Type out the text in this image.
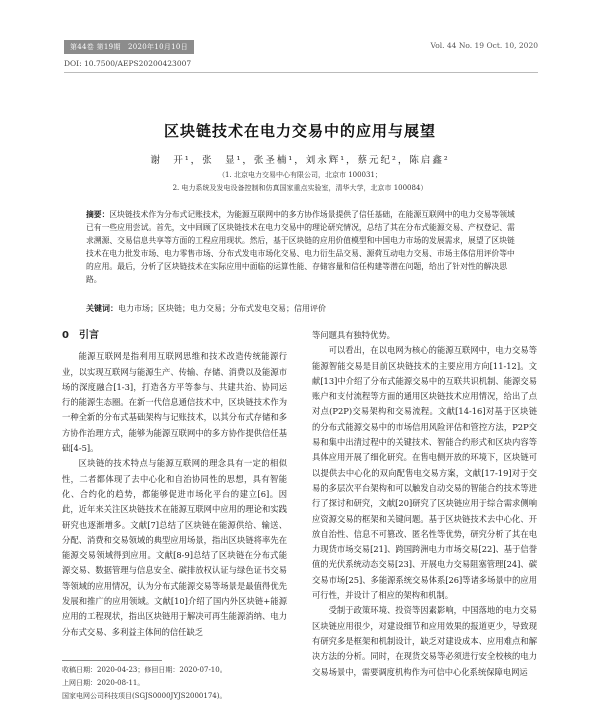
第44卷 第19期　2020年10月10日	Vol. 44 No. 19 Oct. 10, 2020
DOI: 10.7500/AEPS20200423007
区块链技术在电力交易中的应用与展望
谢　开¹，张　显¹，张圣楠¹，刘永辉¹，蔡元纪²，陈启鑫²
（1. 北京电力交易中心有限公司，北京市 100031；
2. 电力系统及发电设备控制和仿真国家重点实验室，清华大学，北京市 100084）
摘要：区块链技术作为分布式记账技术，为能源互联网中的多方协作场景提供了信任基础，在能源互联网中的电力交易等领域已有一些应用尝试。首先，文中回顾了区块链技术在电力交易中的理论研究情况，总结了其在分布式能源交易、产权登记、需求溯源、交易信息共享等方面的工程应用现状。然后，基于区块链的应用价值模型和中国电力市场的发展需求，展望了区块链技术在电力批发市场、电力零售市场、分布式发电市场化交易、电力衍生品交易、源荷互动电力交易、市场主体信用评价等中的应用。最后，分析了区块链技术在实际应用中面临的运算性能、存储容量和信任构建等潜在问题，给出了针对性的解决思路。
关键词：电力市场；区块链；电力交易；分布式发电交易；信用评价
0　引言

能源互联网是指利用互联网思维和技术改造传统能源行业，以实现互联网与能源生产、传输、存储、消费以及能源市场的深度融合[1-3]，打造各方平等参与、共建共治、协同运行的能源生态圈。在新一代信息通信技术中，区块链技术作为一种全新的分布式基础架构与记账技术，以其分布式存储和多方协作治理方式，能够为能源互联网中的多方协作提供信任基础[4-5]。

区块链的技术特点与能源互联网的理念具有一定的相似性，二者都体现了去中心化和自治协同性的思想，具有智能化、合约化的趋势，都能够促进市场化平台的建立[6]。因此，近年来关注区块链技术在能源互联网中应用的理论和实践研究也逐渐增多。文献[7]总结了区块链在能源供给、输送、分配、消费和交易领域的典型应用场景，指出区块链将率先在能源交易领域得到应用。文献[8-9]总结了区块链在分布式能源交易、数据管理与信息安全、碳排放权认证与绿色证书交易等领域的应用情况，认为分布式能源交易等场景是最值得优先发展和推广的应用领域。文献[10]介绍了国内外区块链+能源应用的工程现状，指出区块链用于解决可再生能源消纳、电力分布式交易、多利益主体间的信任缺乏

等问题具有独特优势。

可以看出，在以电网为核心的能源互联网中，电力交易等能源智能交易是目前区块链技术的主要应用方向[11-12]。文献[13]中介绍了分布式能源交易中的互联共识机制、能源交易账户和支付流程等方面的通用区块链技术应用情况，给出了点对点(P2P)交易架构和交易流程。文献[14-16]对基于区块链的分布式能源交易中的市场信用风险评估和管控方法，P2P交易和集中出清过程中的关键技术、智能合约形式和区块内容等具体应用开展了细化研究。在售电侧开放的环境下，区块链可以提供去中心化的双向配售电交易方案，文献[17-19]对于交易的多层次平台架构和可以触发自动交易的智能合约技术等进行了探讨和研究，文献[20]研究了区块链应用于综合需求侧响应资源交易的框架和关键问题。基于区块链技术去中心化、开放自治性、信息不可篡改、匿名性等优势，研究分析了其在电力现货市场交易[21]、跨国跨洲电力市场交易[22]、基于信誉值的光伏系统动态交易[23]、开展电力交易阻塞管理[24]、碳交易市场[25]、多能源系统交易体系[26]等诸多场景中的应用可行性，并设计了相应的架构和机制。

受制于政策环境、投资等因素影响，中国落地的电力交易区块链应用很少，对建设细节和应用效果的报道更少，导致现有研究多是框架和机制设计，缺乏对建设成本、应用难点和解决方法的分析。同时，在现货交易等必须进行安全校核的电力交易场景中，需要调度机构作为可信中心化系统保障电网运

收稿日期：2020-04-23；修回日期：2020-07-10。
上网日期：2020-08-11。
国家电网公司科技项目(SGJS0000JYJS2000174)。
